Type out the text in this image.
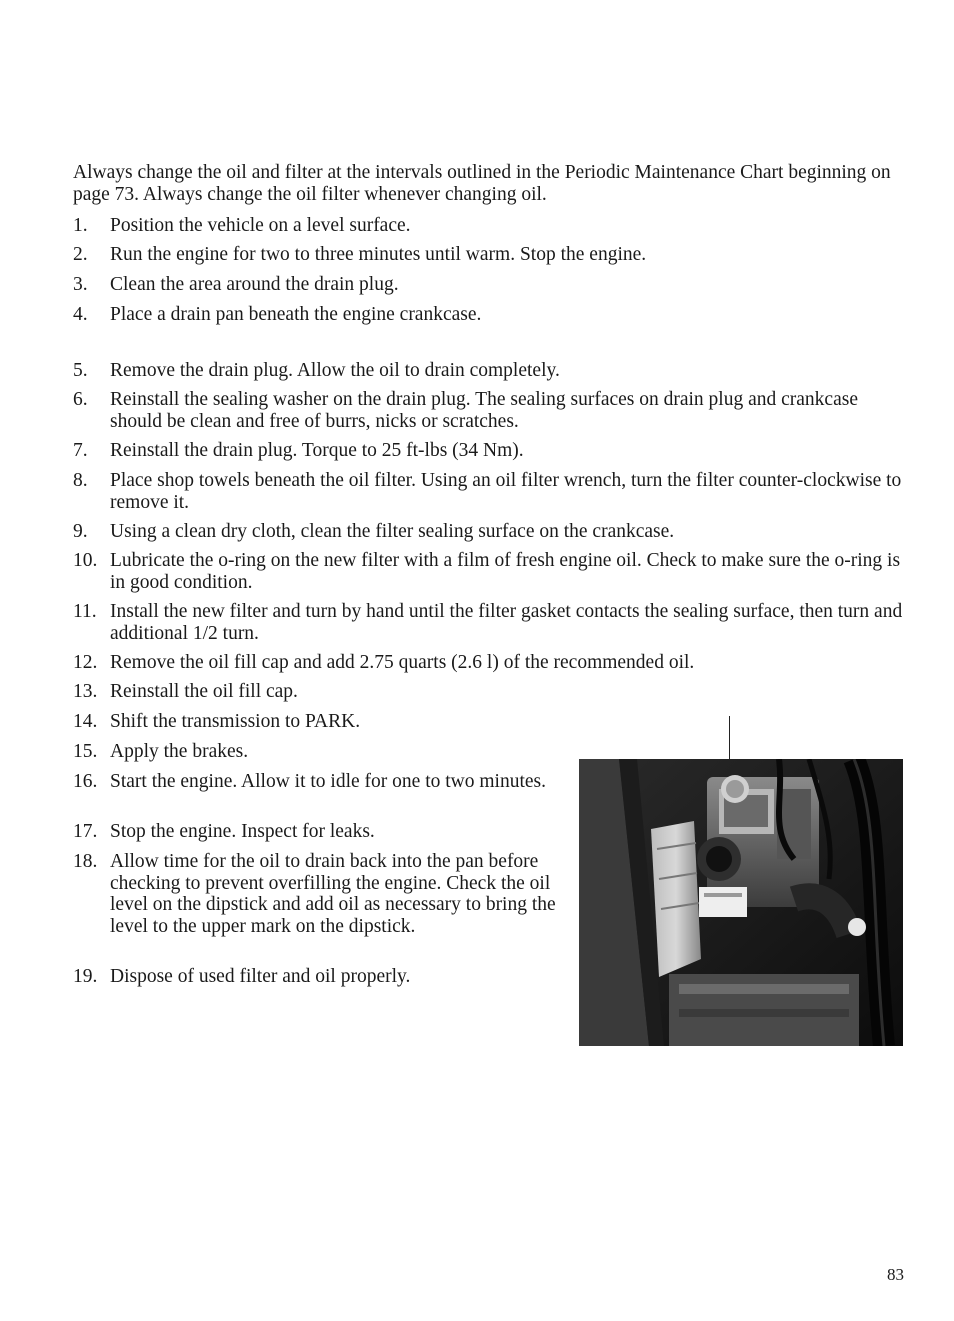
Always change the oil and filter at the intervals outlined in the Periodic Maintenance Chart beginning on page 73. Always change the oil filter whenever changing oil.

1. Position the vehicle on a level surface.
2. Run the engine for two to three minutes until warm. Stop the engine.
3. Clean the area around the drain plug.
4. Place a drain pan beneath the engine crankcase.
5. Remove the drain plug. Allow the oil to drain completely.
6. Reinstall the sealing washer on the drain plug. The sealing surfaces on drain plug and crankcase should be clean and free of burrs, nicks or scratches.
7. Reinstall the drain plug. Torque to 25 ft-lbs (34 Nm).
8. Place shop towels beneath the oil filter. Using an oil filter wrench, turn the filter counter-clockwise to remove it.
9. Using a clean dry cloth, clean the filter sealing surface on the crankcase.
10. Lubricate the o-ring on the new filter with a film of fresh engine oil. Check to make sure the o-ring is in good condition.
11. Install the new filter and turn by hand until the filter gasket contacts the sealing surface, then turn and additional 1/2 turn.
12. Remove the oil fill cap and add 2.75 quarts (2.6 l) of the recommended oil.
13. Reinstall the oil fill cap.
14. Shift the transmission to PARK.
15. Apply the brakes.
16. Start the engine. Allow it to idle for one to two minutes.
17. Stop the engine. Inspect for leaks.
18. Allow time for the oil to drain back into the pan before checking to prevent overfilling the engine. Check the oil level on the dipstick and add oil as necessary to bring the level to the upper mark on the dipstick.
19. Dispose of used filter and oil properly.
83
